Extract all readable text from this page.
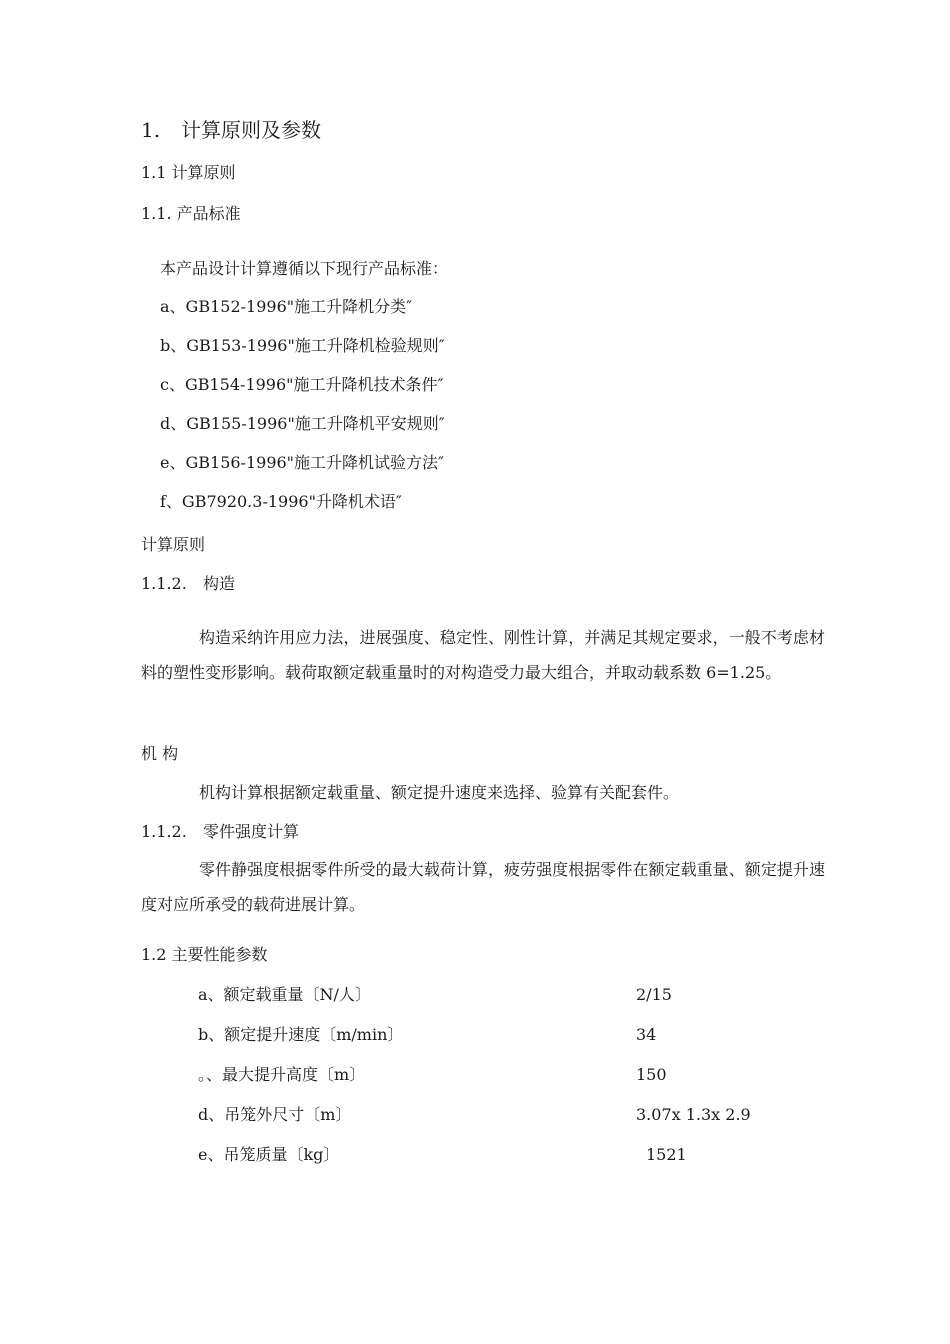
1. 计算原则及参数
1.1 计算原则
1.1. 产品标准
本产品设计计算遵循以下现行产品标准：
a、GB152-1996"施工升降机分类″
b、GB153-1996"施工升降机检验规则″
c、GB154-1996"施工升降机技术条件″
d、GB155-1996"施工升降机平安规则″
e、GB156-1996"施工升降机试验方法″
f、GB7920.3-1996"升降机术语″
计算原则
1.1.2. 构造
构造采纳许用应力法，进展强度、稳定性、刚性计算，并满足其规定要求，一般不考虑材料的塑性变形影响。载荷取额定载重量时的对构造受力最大组合，并取动载系数 6=1.25。
机 构
机构计算根据额定载重量、额定提升速度来选择、验算有关配套件。
1.1.2. 零件强度计算
零件静强度根据零件所受的最大载荷计算，疲劳强度根据零件在额定载重量、额定提升速度对应所承受的载荷进展计算。
1.2 主要性能参数
a、额定载重量〔N/人〕	2/15
b、额定提升速度〔m/min〕	34
。、最大提升高度〔m〕	150
d、吊笼外尺寸〔m〕	3.07x 1.3x 2.9
e、吊笼质量〔kg〕	1521
